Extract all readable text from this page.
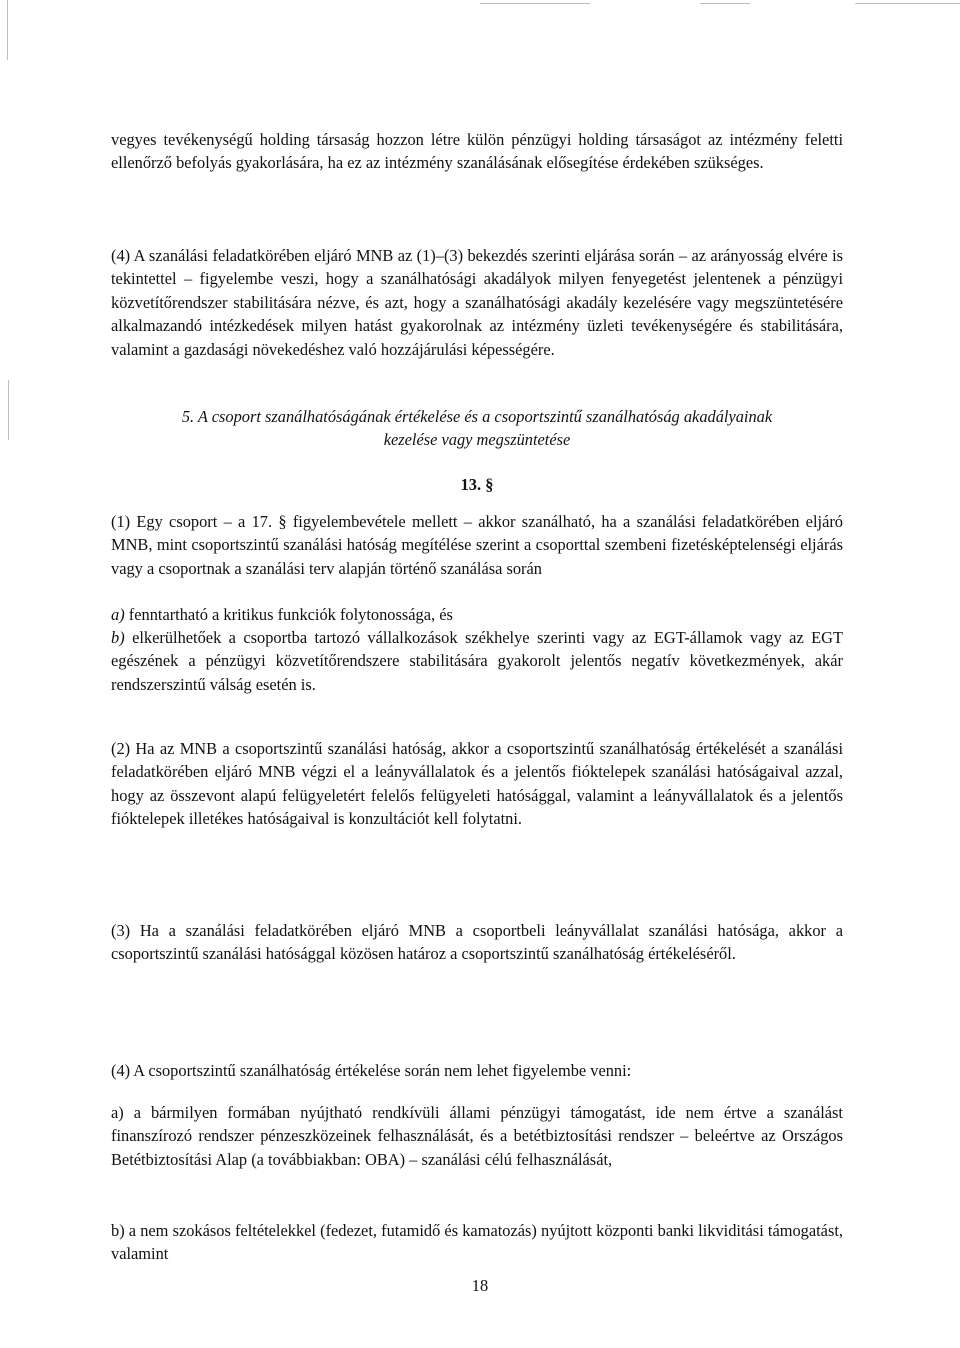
vegyes tevékenységű holding társaság hozzon létre külön pénzügyi holding társaságot az intézmény feletti ellenőrző befolyás gyakorlására, ha ez az intézmény szanálásának elősegítése érdekében szükséges.

(4) A szanálási feladatkörében eljáró MNB az (1)–(3) bekezdés szerinti eljárása során – az arányosság elvére is tekintettel – figyelembe veszi, hogy a szanálhatósági akadályok milyen fenyegetést jelentenek a pénzügyi közvetítőrendszer stabilitására nézve, és azt, hogy a szanálhatósági akadály kezelésére vagy megszüntetésére alkalmazandó intézkedések milyen hatást gyakorolnak az intézmény üzleti tevékenységére és stabilitására, valamint a gazdasági növekedéshez való hozzájárulási képességére.

5. A csoport szanálhatóságának értékelése és a csoportszintű szanálhatóság akadályainak
kezelése vagy megszüntetése
13. §

(1) Egy csoport – a 17. § figyelembevétele mellett – akkor szanálható, ha a szanálási feladatkörében eljáró MNB, mint csoportszintű szanálási hatóság megítélése szerint a csoporttal szembeni fizetésképtelenségi eljárás vagy a csoportnak a szanálási terv alapján történő szanálása során

a) fenntartható a kritikus funkciók folytonossága, és

b) elkerülhetőek a csoportba tartozó vállalkozások székhelye szerinti vagy az EGT-államok vagy az EGT egészének a pénzügyi közvetítőrendszere stabilitására gyakorolt jelentős negatív következmények, akár rendszerszintű válság esetén is.

(2) Ha az MNB a csoportszintű szanálási hatóság, akkor a csoportszintű szanálhatóság értékelését a szanálási feladatkörében eljáró MNB végzi el a leányvállalatok és a jelentős fióktelepek szanálási hatóságaival azzal, hogy az összevont alapú felügyeletért felelős felügyeleti hatósággal, valamint a leányvállalatok és a jelentős fióktelepek illetékes hatóságaival is konzultációt kell folytatni.

(3) Ha a szanálási feladatkörében eljáró MNB a csoportbeli leányvállalat szanálási hatósága, akkor a csoportszintű szanálási hatósággal közösen határoz a csoportszintű szanálhatóság értékeléséről.

(4) A csoportszintű szanálhatóság értékelése során nem lehet figyelembe venni:

a) a bármilyen formában nyújtható rendkívüli állami pénzügyi támogatást, ide nem értve a szanálást finanszírozó rendszer pénzeszközeinek felhasználását, és a betétbiztosítási rendszer – beleértve az Országos Betétbiztosítási Alap (a továbbiakban: OBA) – szanálási célú felhasználását,

b) a nem szokásos feltételekkel (fedezet, futamidő és kamatozás) nyújtott központi banki likviditási támogatást, valamint

18
